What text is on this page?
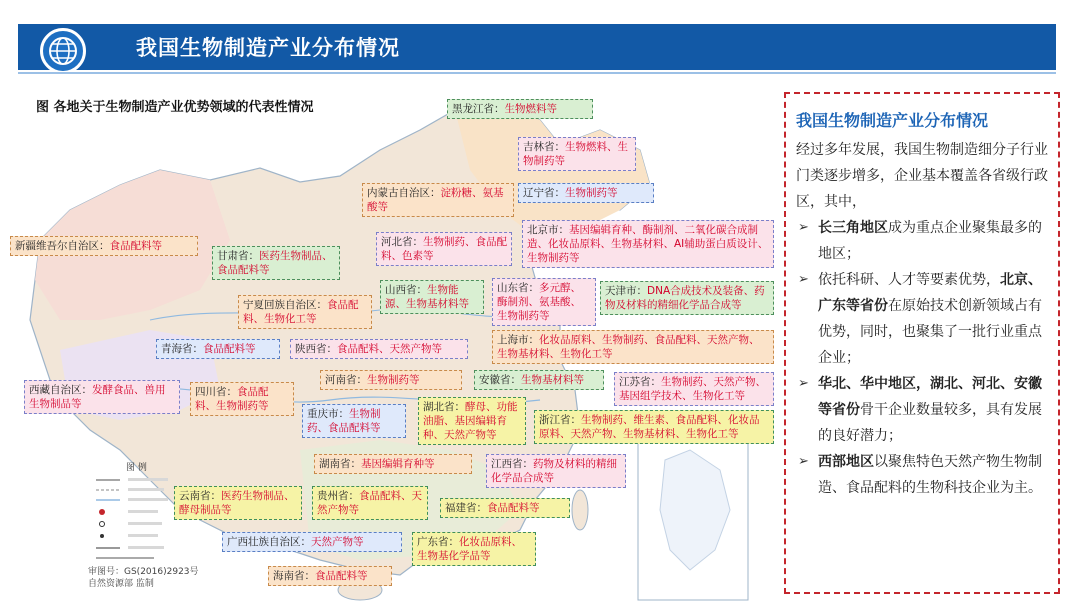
我国生物制造产业分布情况
图 各地关于生物制造产业优势领域的代表性情况	黑龙江省：生物燃料等
吉林省：生物燃料、生物制药等
辽宁省：生物制药等
内蒙古自治区：淀粉糖、氨基酸等
新疆维吾尔自治区：食品配料等
甘肃省：医药生物制品、食品配料等
河北省：生物制药、食品配料、色素等
北京市：基因编辑育种、酶制剂、二氧化碳合成制造、化妆品原料、生物基材料、AI辅助蛋白质设计、生物制药等
山西省：生物能源、生物基材料等
山东省：多元醇、酶制剂、氨基酸、生物制药等
天津市：DNA合成技术及装备、药物及材料的精细化学品合成等
宁夏回族自治区：食品配料、生物化工等
上海市：化妆品原料、生物制药、食品配料、天然产物、生物基材料、生物化工等
青海省：食品配料等	陕西省：食品配料、天然产物等
河南省：生物制药等	安徽省：生物基材料等	江苏省：生物制药、天然产物、基因组学技术、生物化工等
西藏自治区：发酵食品、兽用生物制品等
四川省：食品配料、生物制药等
重庆市：生物制药、食品配料等
湖北省：酵母、功能油脂、基因编辑育种、天然产物等
浙江省：生物制药、维生素、食品配料、化妆品原料、天然产物、生物基材料、生物化工等
湖南省：基因编辑育种等	江西省：药物及材料的精细化学品合成等
云南省：医药生物制品、酵母制品等
贵州省：食品配料、天然产物等	福建省：食品配料等
广西壮族自治区：天然产物等	广东省：化妆品原料、生物基化学品等
海南省：食品配料等
图 例
审图号：GS(2016)2923号
自然资源部 监制
我国生物制造产业分布情况
经过多年发展，我国生物制造细分子行业门类逐步增多，企业基本覆盖各省级行政区，其中，
➢ 长三角地区成为重点企业聚集最多的地区；
➢ 依托科研、人才等要素优势，北京、广东等省份在原始技术创新领域占有优势，同时，也聚集了一批行业重点企业；
➢ 华北、华中地区，湖北、河北、安徽等省份骨干企业数量较多，具有发展的良好潜力；
➢ 西部地区以聚焦特色天然产物生物制造、食品配料的生物科技企业为主。
